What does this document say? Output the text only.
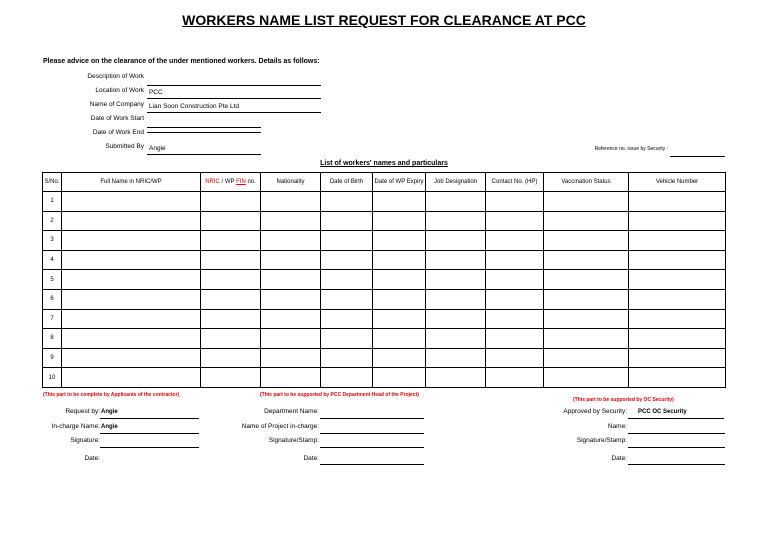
WORKERS NAME LIST REQUEST FOR CLEARANCE AT PCC
Please advice on the clearance of the under mentioned workers. Details as follows:
Description of Work
Location of Work PCC
Name of Company Lian Soon Construction Pte Ltd
Date of Work Start
Date of Work End
Submitted By Angie	Reference no. issue by Security :
List of workers' names and particulars
S/No.	Full Name in NRIC/WP	NRIC / WP FIN no.	Nationality	Date of Birth	Date of WP Expiry	Job Designation	Contact No. (HP)	Vaccination Status	Vehicle Number
1									
2									
3									
4									
5									
6									
7									
8									
9									
10									
(This part to be complete by Applicants of the contractor)
Request by: Angie
In-charge Name: Angie
Signature:
Date:
(This part to be supported by PCC Department Head of the Project)
Department Name:
Name of Project in-charge:
Signature/Stamp:
Date:
(This part to be supported by OC Security)
Approved by Security:	PCC OC Security
Name:
Signature/Stamp:
Date:
